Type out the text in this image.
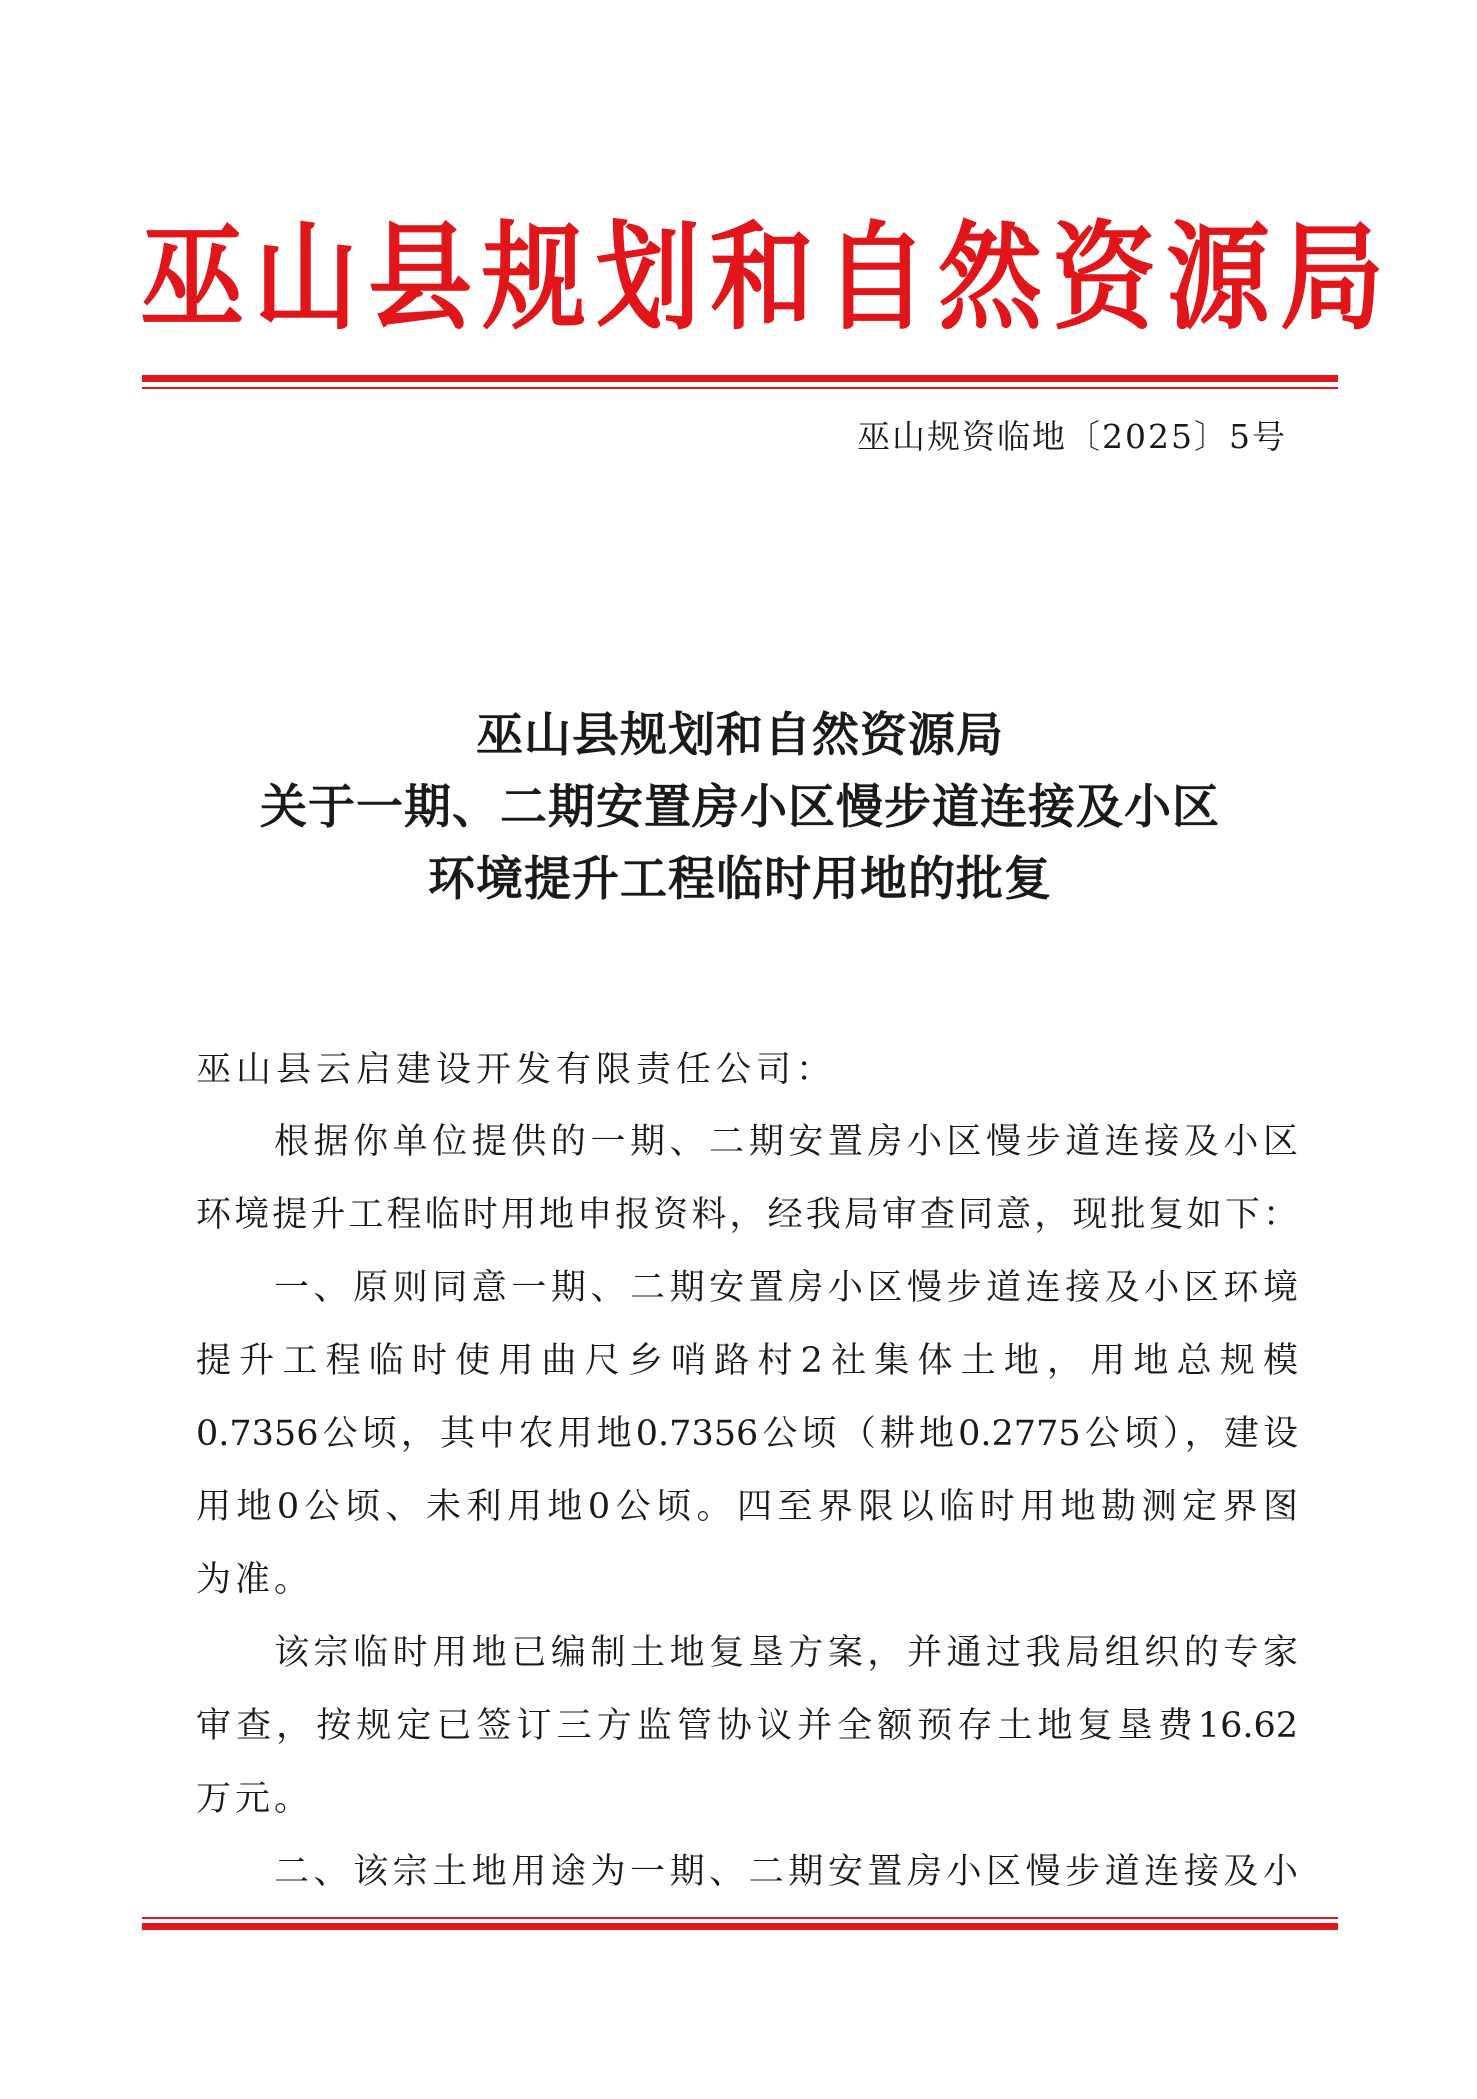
巫山县规划和自然资源局
巫山规资临地〔2025〕5号
巫山县规划和自然资源局
关于一期、二期安置房小区慢步道连接及小区
环境提升工程临时用地的批复
巫山县云启建设开发有限责任公司：
根据你单位提供的一期、二期安置房小区慢步道连接及小区
环境提升工程临时用地申报资料，经我局审查同意，现批复如下：
一、原则同意一期、二期安置房小区慢步道连接及小区环境
提升工程临时使用曲尺乡哨路村2社集体土地，用地总规模
0.7356公顷，其中农用地0.7356公顷（耕地0.2775公顷），建设
用地0公顷、未利用地0公顷。四至界限以临时用地勘测定界图
为准。
该宗临时用地已编制土地复垦方案，并通过我局组织的专家
审查，按规定已签订三方监管协议并全额预存土地复垦费16.62
万元。
二、该宗土地用途为一期、二期安置房小区慢步道连接及小
